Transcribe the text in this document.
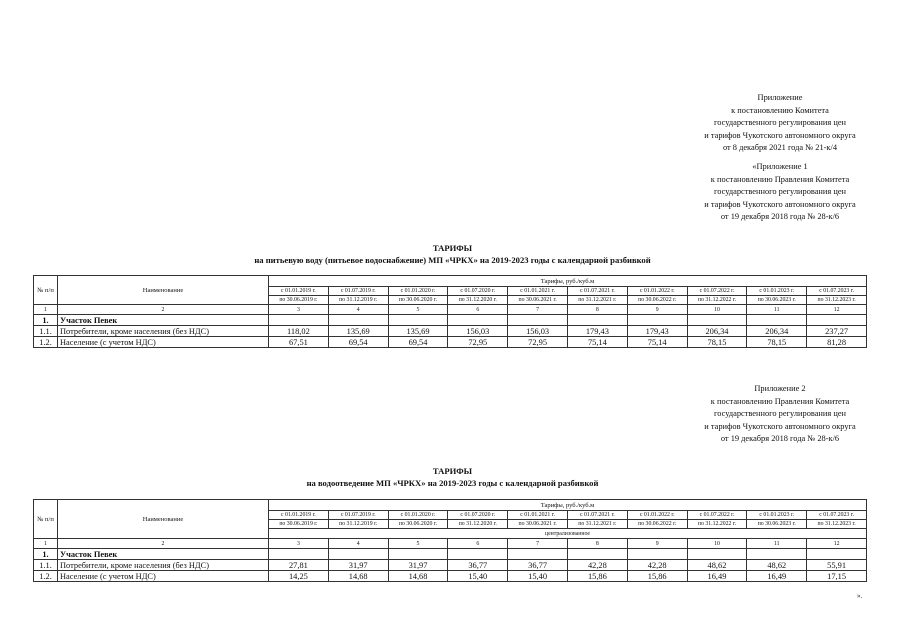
Приложение
к постановлению Комитета
государственного регулирования цен
и тарифов Чукотского автономного округа
от 8 декабря 2021 года № 21-к/4
«Приложение 1
к постановлению Правления Комитета
государственного регулирования цен
и тарифов Чукотского автономного округа
от 19 декабря 2018 года № 28-к/6
ТАРИФЫ
на питьевую воду (питьевое водоснабжение) МП «ЧРКХ» на 2019-2023 годы с календарной разбивкой
№ п/п	Наименование	Тарифы, руб./куб.м									
		с 01.01.2019 г.	с 01.07.2019 г.	с 01.01.2020 г.	с 01.07.2020 г.	с 01.01.2021 г.	с 01.07.2021 г.	с 01.01.2022 г.	с 01.07.2022 г.	с 01.01.2023 г.	с 01.07.2023 г.
		по 30.06.2019 г.	по 31.12.2019 г.	по 30.06.2020 г.	по 31.12.2020 г.	по 30.06.2021 г.	по 31.12.2021 г.	по 30.06.2022 г.	по 31.12.2022 г.	по 30.06.2023 г.	по 31.12.2023 г.
1	2	3	4	5	6	7	8	9	10	11	12
1.	Участок Певек										
1.1.	Потребители, кроме населения (без НДС)	118,02	135,69	135,69	156,03	156,03	179,43	179,43	206,34	206,34	237,27
1.2.	Население (с учетом НДС)	67,51	69,54	69,54	72,95	72,95	75,14	75,14	78,15	78,15	81,28
Приложение 2
к постановлению Правления Комитета
государственного регулирования цен
и тарифов Чукотского автономного округа
от 19 декабря 2018 года № 28-к/6
ТАРИФЫ
на водоотведение МП «ЧРКХ» на 2019-2023 годы с календарной разбивкой
№ п/п	Наименование	Тарифы, руб./куб.м									
		с 01.01.2019 г.	с 01.07.2019 г.	с 01.01.2020 г.	с 01.07.2020 г.	с 01.01.2021 г.	с 01.07.2021 г.	с 01.01.2022 г.	с 01.07.2022 г.	с 01.01.2023 г.	с 01.07.2023 г.
		по 30.06.2019 г.	по 31.12.2019 г.	по 30.06.2020 г.	по 31.12.2020 г.	по 30.06.2021 г.	по 31.12.2021 г.	по 30.06.2022 г.	по 31.12.2022 г.	по 30.06.2023 г.	по 31.12.2023 г.
		централизованное									
1	2	3	4	5	6	7	8	9	10	11	12
1.	Участок Певек										
1.1.	Потребители, кроме населения (без НДС)	27,81	31,97	31,97	36,77	36,77	42,28	42,28	48,62	48,62	55,91
1.2.	Население (с учетом НДС)	14,25	14,68	14,68	15,40	15,40	15,86	15,86	16,49	16,49	17,15
».
